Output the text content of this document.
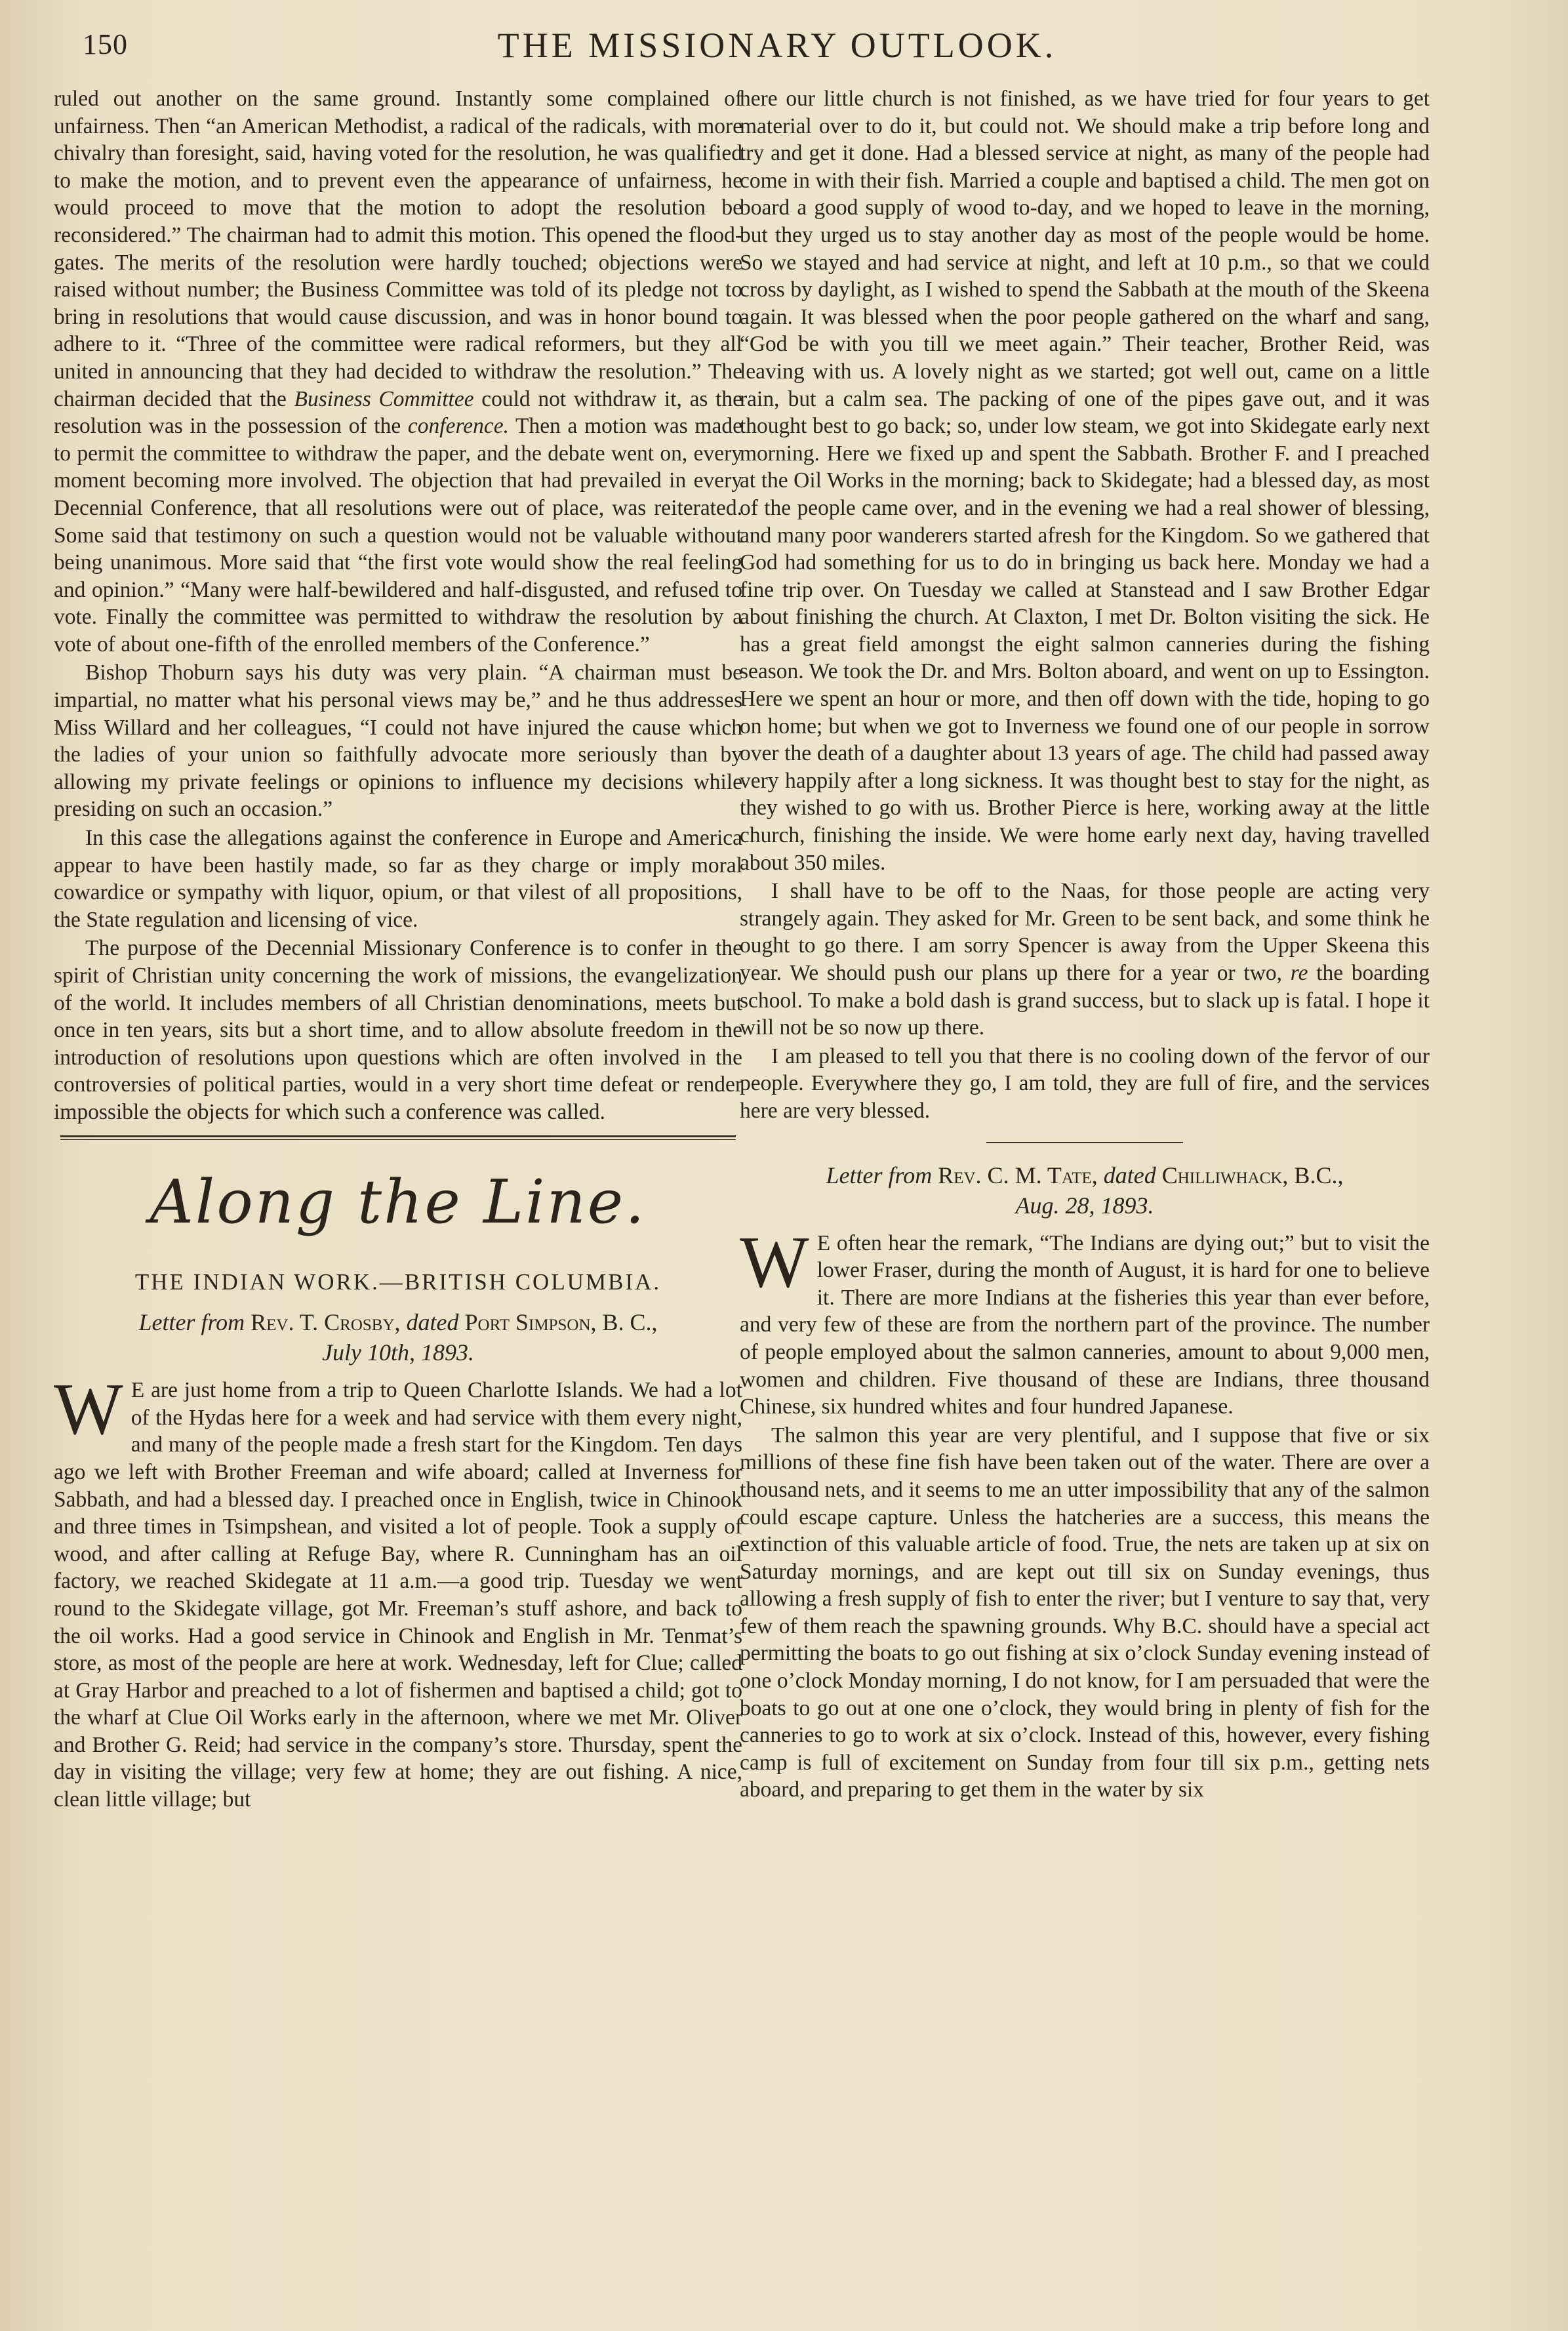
150	THE MISSIONARY OUTLOOK.

ruled out another on the same ground. Instantly some complained of unfairness. Then “an American Methodist, a radical of the radicals, with more chivalry than foresight, said, having voted for the resolution, he was qualified to make the motion, and to prevent even the appearance of unfairness, he would proceed to move that the motion to adopt the resolution be reconsidered.” The chairman had to admit this motion. This opened the flood-gates. The merits of the resolution were hardly touched; objections were raised without number; the Business Committee was told of its pledge not to bring in resolutions that would cause discussion, and was in honor bound to adhere to it. “Three of the committee were radical reformers, but they all united in announcing that they had decided to withdraw the resolution.” The chairman decided that the Business Committee could not withdraw it, as the resolution was in the possession of the conference. Then a motion was made to permit the committee to withdraw the paper, and the debate went on, every moment becoming more involved. The objection that had prevailed in every Decennial Conference, that all resolutions were out of place, was reiterated. Some said that testimony on such a question would not be valuable without being unanimous. More said that “the first vote would show the real feeling and opinion.” “Many were half-bewildered and half-disgusted, and refused to vote. Finally the committee was permitted to withdraw the resolution by a vote of about one-fifth of the enrolled members of the Conference.”

Bishop Thoburn says his duty was very plain. “A chairman must be impartial, no matter what his personal views may be,” and he thus addresses Miss Willard and her colleagues, “I could not have injured the cause which the ladies of your union so faithfully advocate more seriously than by allowing my private feelings or opinions to influence my decisions while presiding on such an occasion.”

In this case the allegations against the conference in Europe and America appear to have been hastily made, so far as they charge or imply moral cowardice or sympathy with liquor, opium, or that vilest of all propositions, the State regulation and licensing of vice.

The purpose of the Decennial Missionary Conference is to confer in the spirit of Christian unity concerning the work of missions, the evangelization of the world. It includes members of all Christian denominations, meets but once in ten years, sits but a short time, and to allow absolute freedom in the introduction of resolutions upon questions which are often involved in the controversies of political parties, would in a very short time defeat or render impossible the objects for which such a conference was called.

Along the Line.
THE INDIAN WORK.—BRITISH COLUMBIA.
Letter from Rev. T. Crosby, dated Port Simpson, B. C.,
July 10th, 1893.

W E are just home from a trip to Queen Charlotte Islands. We had a lot of the Hydas here for a week and had service with them every night, and many of the people made a fresh start for the Kingdom. Ten days ago we left with Brother Freeman and wife aboard; called at Inverness for Sabbath, and had a blessed day. I preached once in English, twice in Chinook and three times in Tsimpshean, and visited a lot of people. Took a supply of wood, and after calling at Refuge Bay, where R. Cunningham has an oil factory, we reached Skidegate at 11 a.m.—a good trip. Tuesday we went round to the Skidegate village, got Mr. Freeman’s stuff ashore, and back to the oil works. Had a good service in Chinook and English in Mr. Tenmat’s store, as most of the people are here at work. Wednesday, left for Clue; called at Gray Harbor and preached to a lot of fishermen and baptised a child; got to the wharf at Clue Oil Works early in the afternoon, where we met Mr. Oliver and Brother G. Reid; had service in the company’s store. Thursday, spent the day in visiting the village; very few at home; they are out fishing. A nice, clean little village; but

here our little church is not finished, as we have tried for four years to get material over to do it, but could not. We should make a trip before long and try and get it done. Had a blessed service at night, as many of the people had come in with their fish. Married a couple and baptised a child. The men got on board a good supply of wood to-day, and we hoped to leave in the morning, but they urged us to stay another day as most of the people would be home. So we stayed and had service at night, and left at 10 p.m., so that we could cross by daylight, as I wished to spend the Sabbath at the mouth of the Skeena again. It was blessed when the poor people gathered on the wharf and sang, “God be with you till we meet again.” Their teacher, Brother Reid, was leaving with us. A lovely night as we started; got well out, came on a little rain, but a calm sea. The packing of one of the pipes gave out, and it was thought best to go back; so, under low steam, we got into Skidegate early next morning. Here we fixed up and spent the Sabbath. Brother F. and I preached at the Oil Works in the morning; back to Skidegate; had a blessed day, as most of the people came over, and in the evening we had a real shower of blessing, and many poor wanderers started afresh for the Kingdom. So we gathered that God had something for us to do in bringing us back here. Monday we had a fine trip over. On Tuesday we called at Stanstead and I saw Brother Edgar about finishing the church. At Claxton, I met Dr. Bolton visiting the sick. He has a great field amongst the eight salmon canneries during the fishing season. We took the Dr. and Mrs. Bolton aboard, and went on up to Essington. Here we spent an hour or more, and then off down with the tide, hoping to go on home; but when we got to Inverness we found one of our people in sorrow over the death of a daughter about 13 years of age. The child had passed away very happily after a long sickness. It was thought best to stay for the night, as they wished to go with us. Brother Pierce is here, working away at the little church, finishing the inside. We were home early next day, having travelled about 350 miles.

I shall have to be off to the Naas, for those people are acting very strangely again. They asked for Mr. Green to be sent back, and some think he ought to go there. I am sorry Spencer is away from the Upper Skeena this year. We should push our plans up there for a year or two, re the boarding school. To make a bold dash is grand success, but to slack up is fatal. I hope it will not be so now up there.

I am pleased to tell you that there is no cooling down of the fervor of our people. Everywhere they go, I am told, they are full of fire, and the services here are very blessed.

Letter from Rev. C. M. Tate, dated Chilliwhack, B.C.,
Aug. 28, 1893.

W E often hear the remark, “The Indians are dying out;” but to visit the lower Fraser, during the month of August, it is hard for one to believe it. There are more Indians at the fisheries this year than ever before, and very few of these are from the northern part of the province. The number of people employed about the salmon canneries, amount to about 9,000 men, women and children. Five thousand of these are Indians, three thousand Chinese, six hundred whites and four hundred Japanese.

The salmon this year are very plentiful, and I suppose that five or six millions of these fine fish have been taken out of the water. There are over a thousand nets, and it seems to me an utter impossibility that any of the salmon could escape capture. Unless the hatcheries are a success, this means the extinction of this valuable article of food. True, the nets are taken up at six on Saturday mornings, and are kept out till six on Sunday evenings, thus allowing a fresh supply of fish to enter the river; but I venture to say that, very few of them reach the spawning grounds. Why B.C. should have a special act permitting the boats to go out fishing at six o’clock Sunday evening instead of one o’clock Monday morning, I do not know, for I am persuaded that were the boats to go out at one one o’clock, they would bring in plenty of fish for the canneries to go to work at six o’clock. Instead of this, however, every fishing camp is full of excitement on Sunday from four till six p.m., getting nets aboard, and preparing to get them in the water by six
